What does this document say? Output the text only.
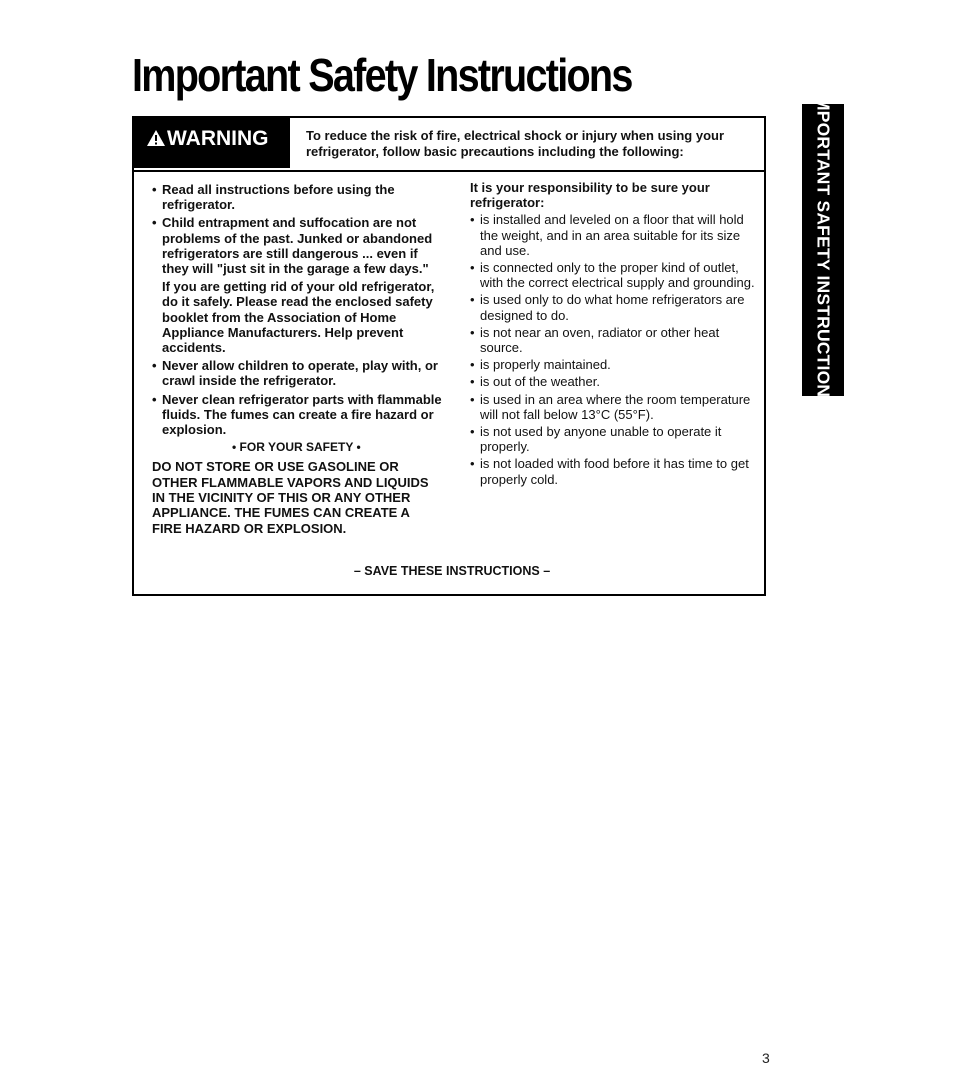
Important Safety Instructions
WARNING	To reduce the risk of fire, electrical shock or injury when using your refrigerator, follow basic precautions including the following:
• Read all instructions before using the refrigerator.
• Child entrapment and suffocation are not problems of the past. Junked or abandoned refrigerators are still dangerous ... even if they will "just sit in the garage a few days."
If you are getting rid of your old refrigerator, do it safely. Please read the enclosed safety booklet from the Association of Home Appliance Manufacturers. Help prevent accidents.
• Never allow children to operate, play with, or crawl inside the refrigerator.
• Never clean refrigerator parts with flammable fluids. The fumes can create a fire hazard or explosion.
• FOR YOUR SAFETY •
DO NOT STORE OR USE GASOLINE OR OTHER FLAMMABLE VAPORS AND LIQUIDS IN THE VICINITY OF THIS OR ANY OTHER APPLIANCE. THE FUMES CAN CREATE A FIRE HAZARD OR EXPLOSION.
It is your responsibility to be sure your refrigerator:
• is installed and leveled on a floor that will hold the weight, and in an area suitable for its size and use.
• is connected only to the proper kind of outlet, with the correct electrical supply and grounding.
• is used only to do what home refrigerators are designed to do.
• is not near an oven, radiator or other heat source.
• is properly maintained.
• is out of the weather.
• is used in an area where the room temperature will not fall below 13°C (55°F).
• is not used by anyone unable to operate it properly.
• is not loaded with food before it has time to get properly cold.
– SAVE THESE INSTRUCTIONS –
IMPORTANT SAFETY INSTRUCTIONS
3
